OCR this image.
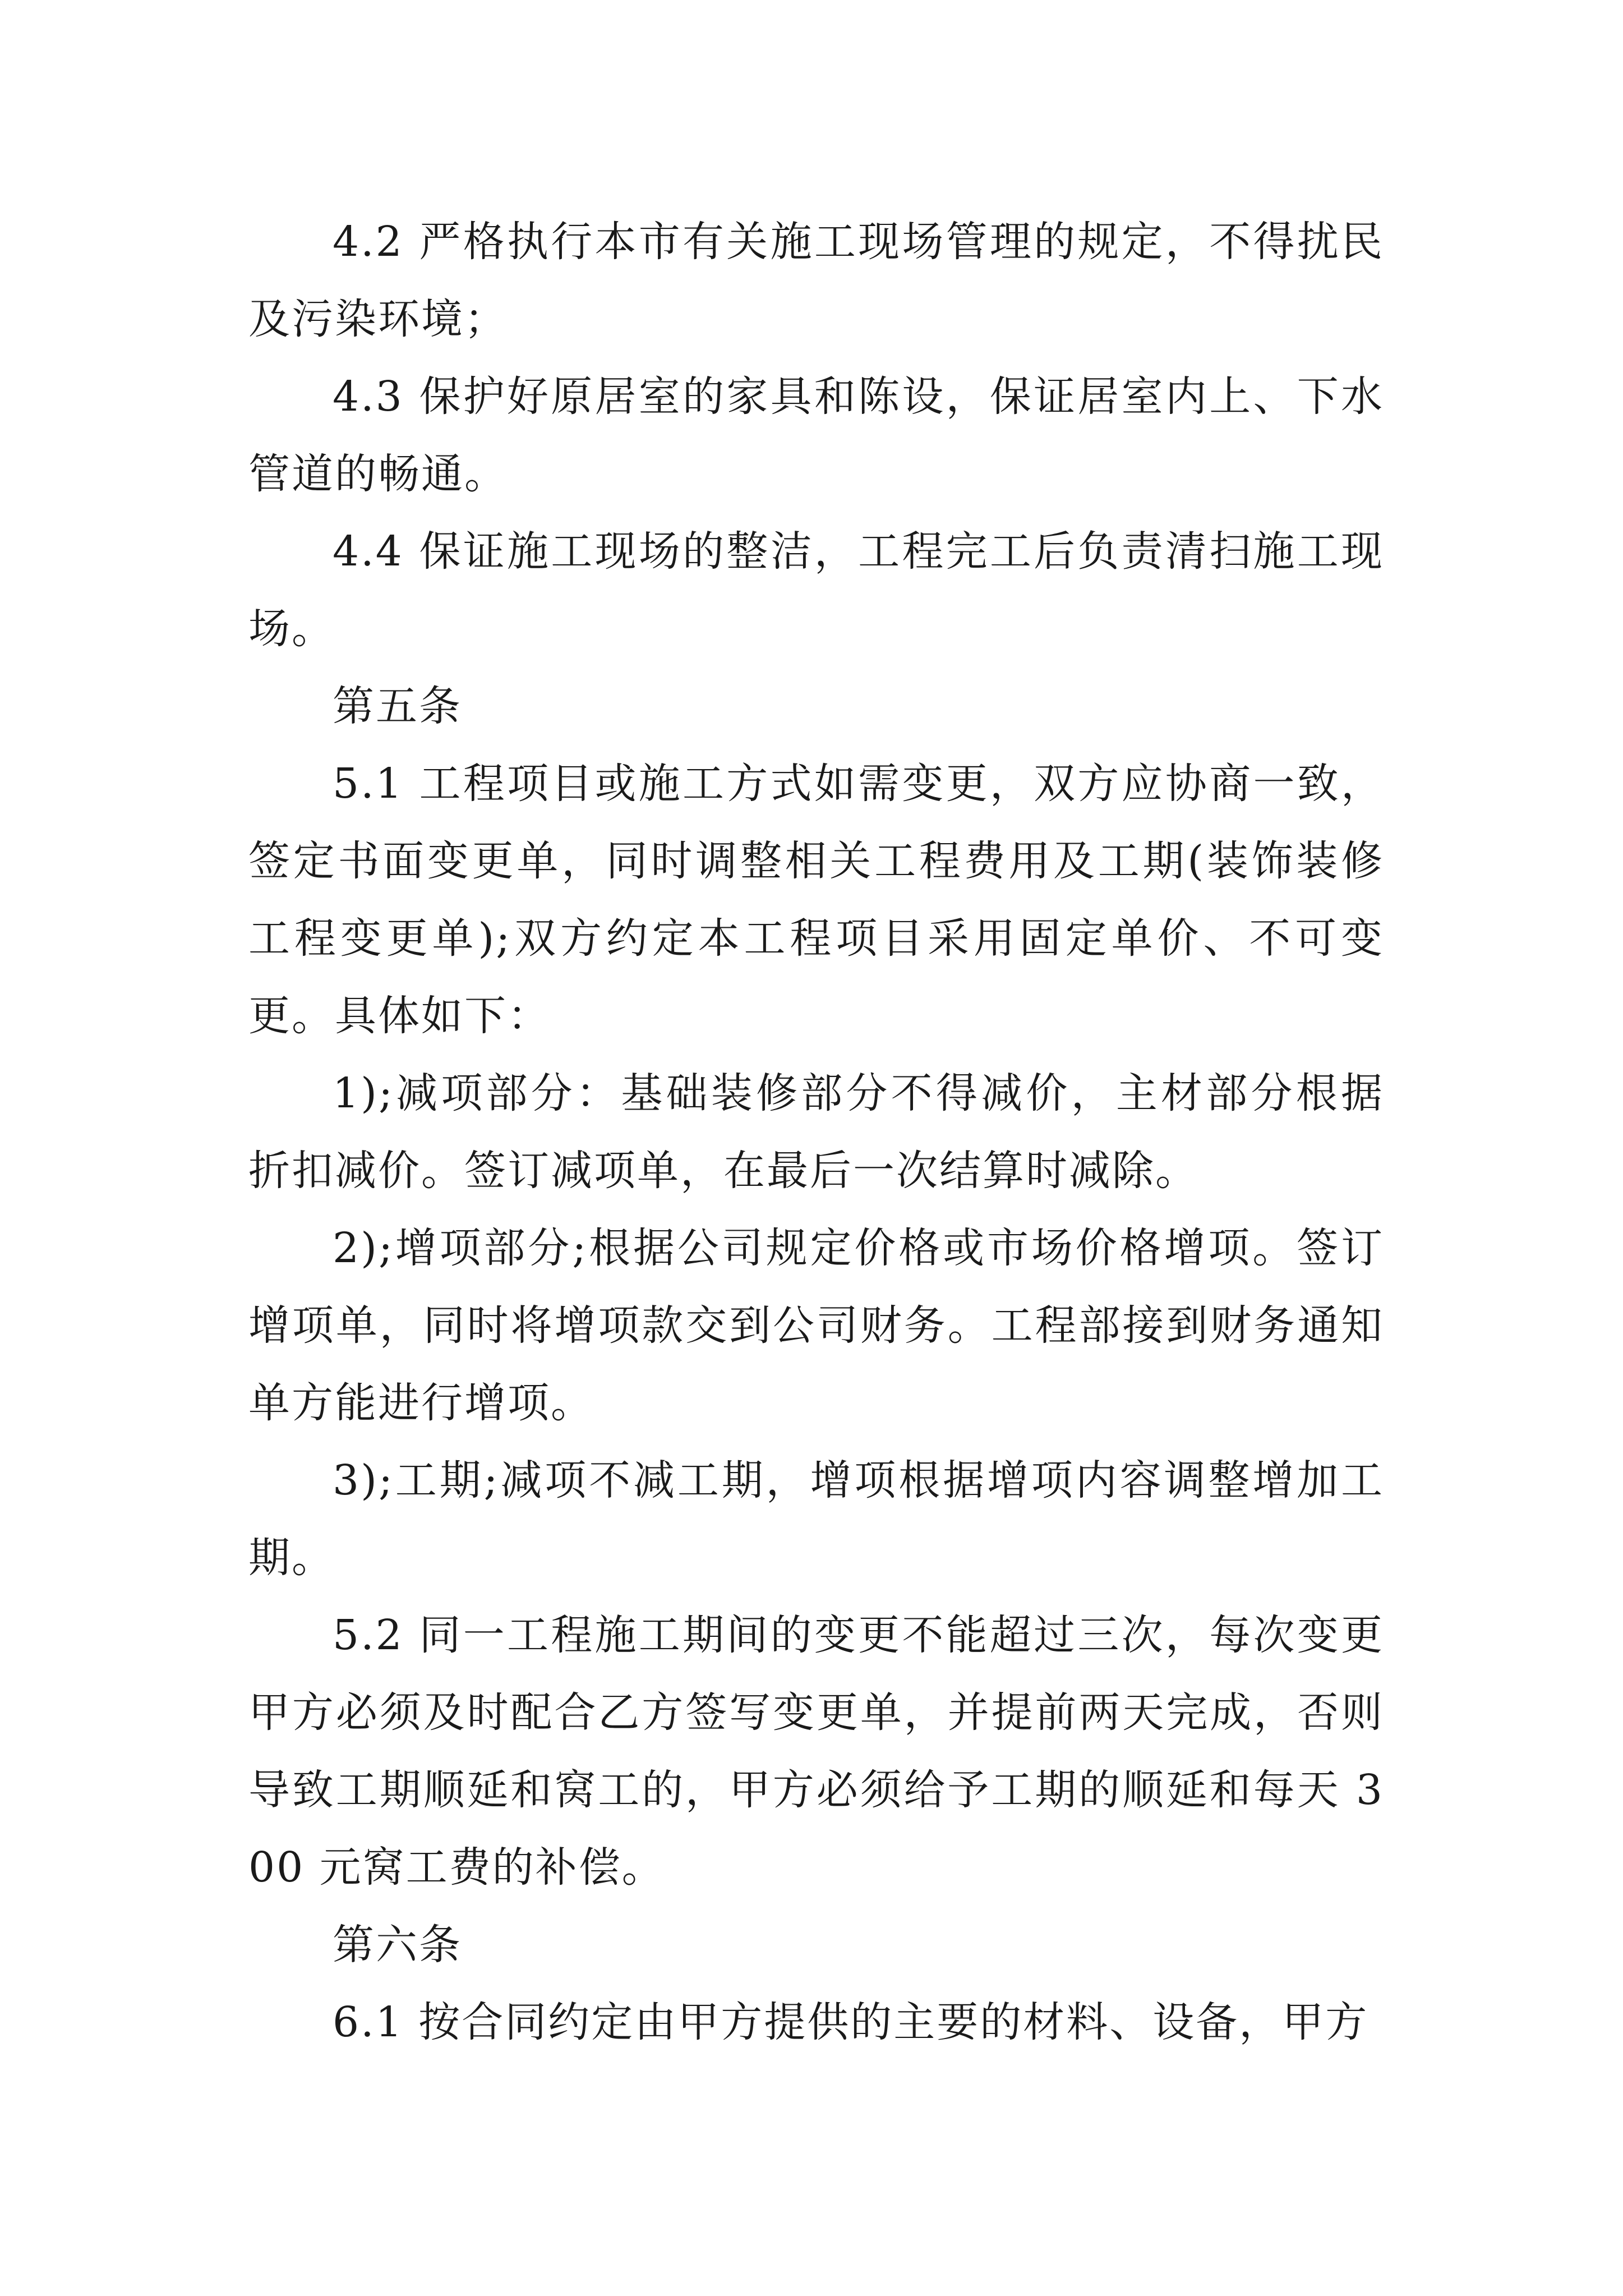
4.2 严格执行本市有关施工现场管理的规定，不得扰民及污染环境；

4.3 保护好原居室的家具和陈设，保证居室内上、下水管道的畅通。

4.4 保证施工现场的整洁，工程完工后负责清扫施工现场。

第五条

5.1 工程项目或施工方式如需变更，双方应协商一致，签定书面变更单，同时调整相关工程费用及工期(装饰装修工程变更单);双方约定本工程项目采用固定单价、不可变更。具体如下：

1);减项部分：基础装修部分不得减价，主材部分根据折扣减价。签订减项单，在最后一次结算时减除。

2);增项部分;根据公司规定价格或市场价格增项。签订增项单，同时将增项款交到公司财务。工程部接到财务通知单方能进行增项。

3);工期;减项不减工期，增项根据增项内容调整增加工期。

5.2 同一工程施工期间的变更不能超过三次，每次变更甲方必须及时配合乙方签写变更单，并提前两天完成，否则导致工期顺延和窝工的，甲方必须给予工期的顺延和每天 300 元窝工费的补偿。

第六条

6.1 按合同约定由甲方提供的主要的材料、设备，甲方
